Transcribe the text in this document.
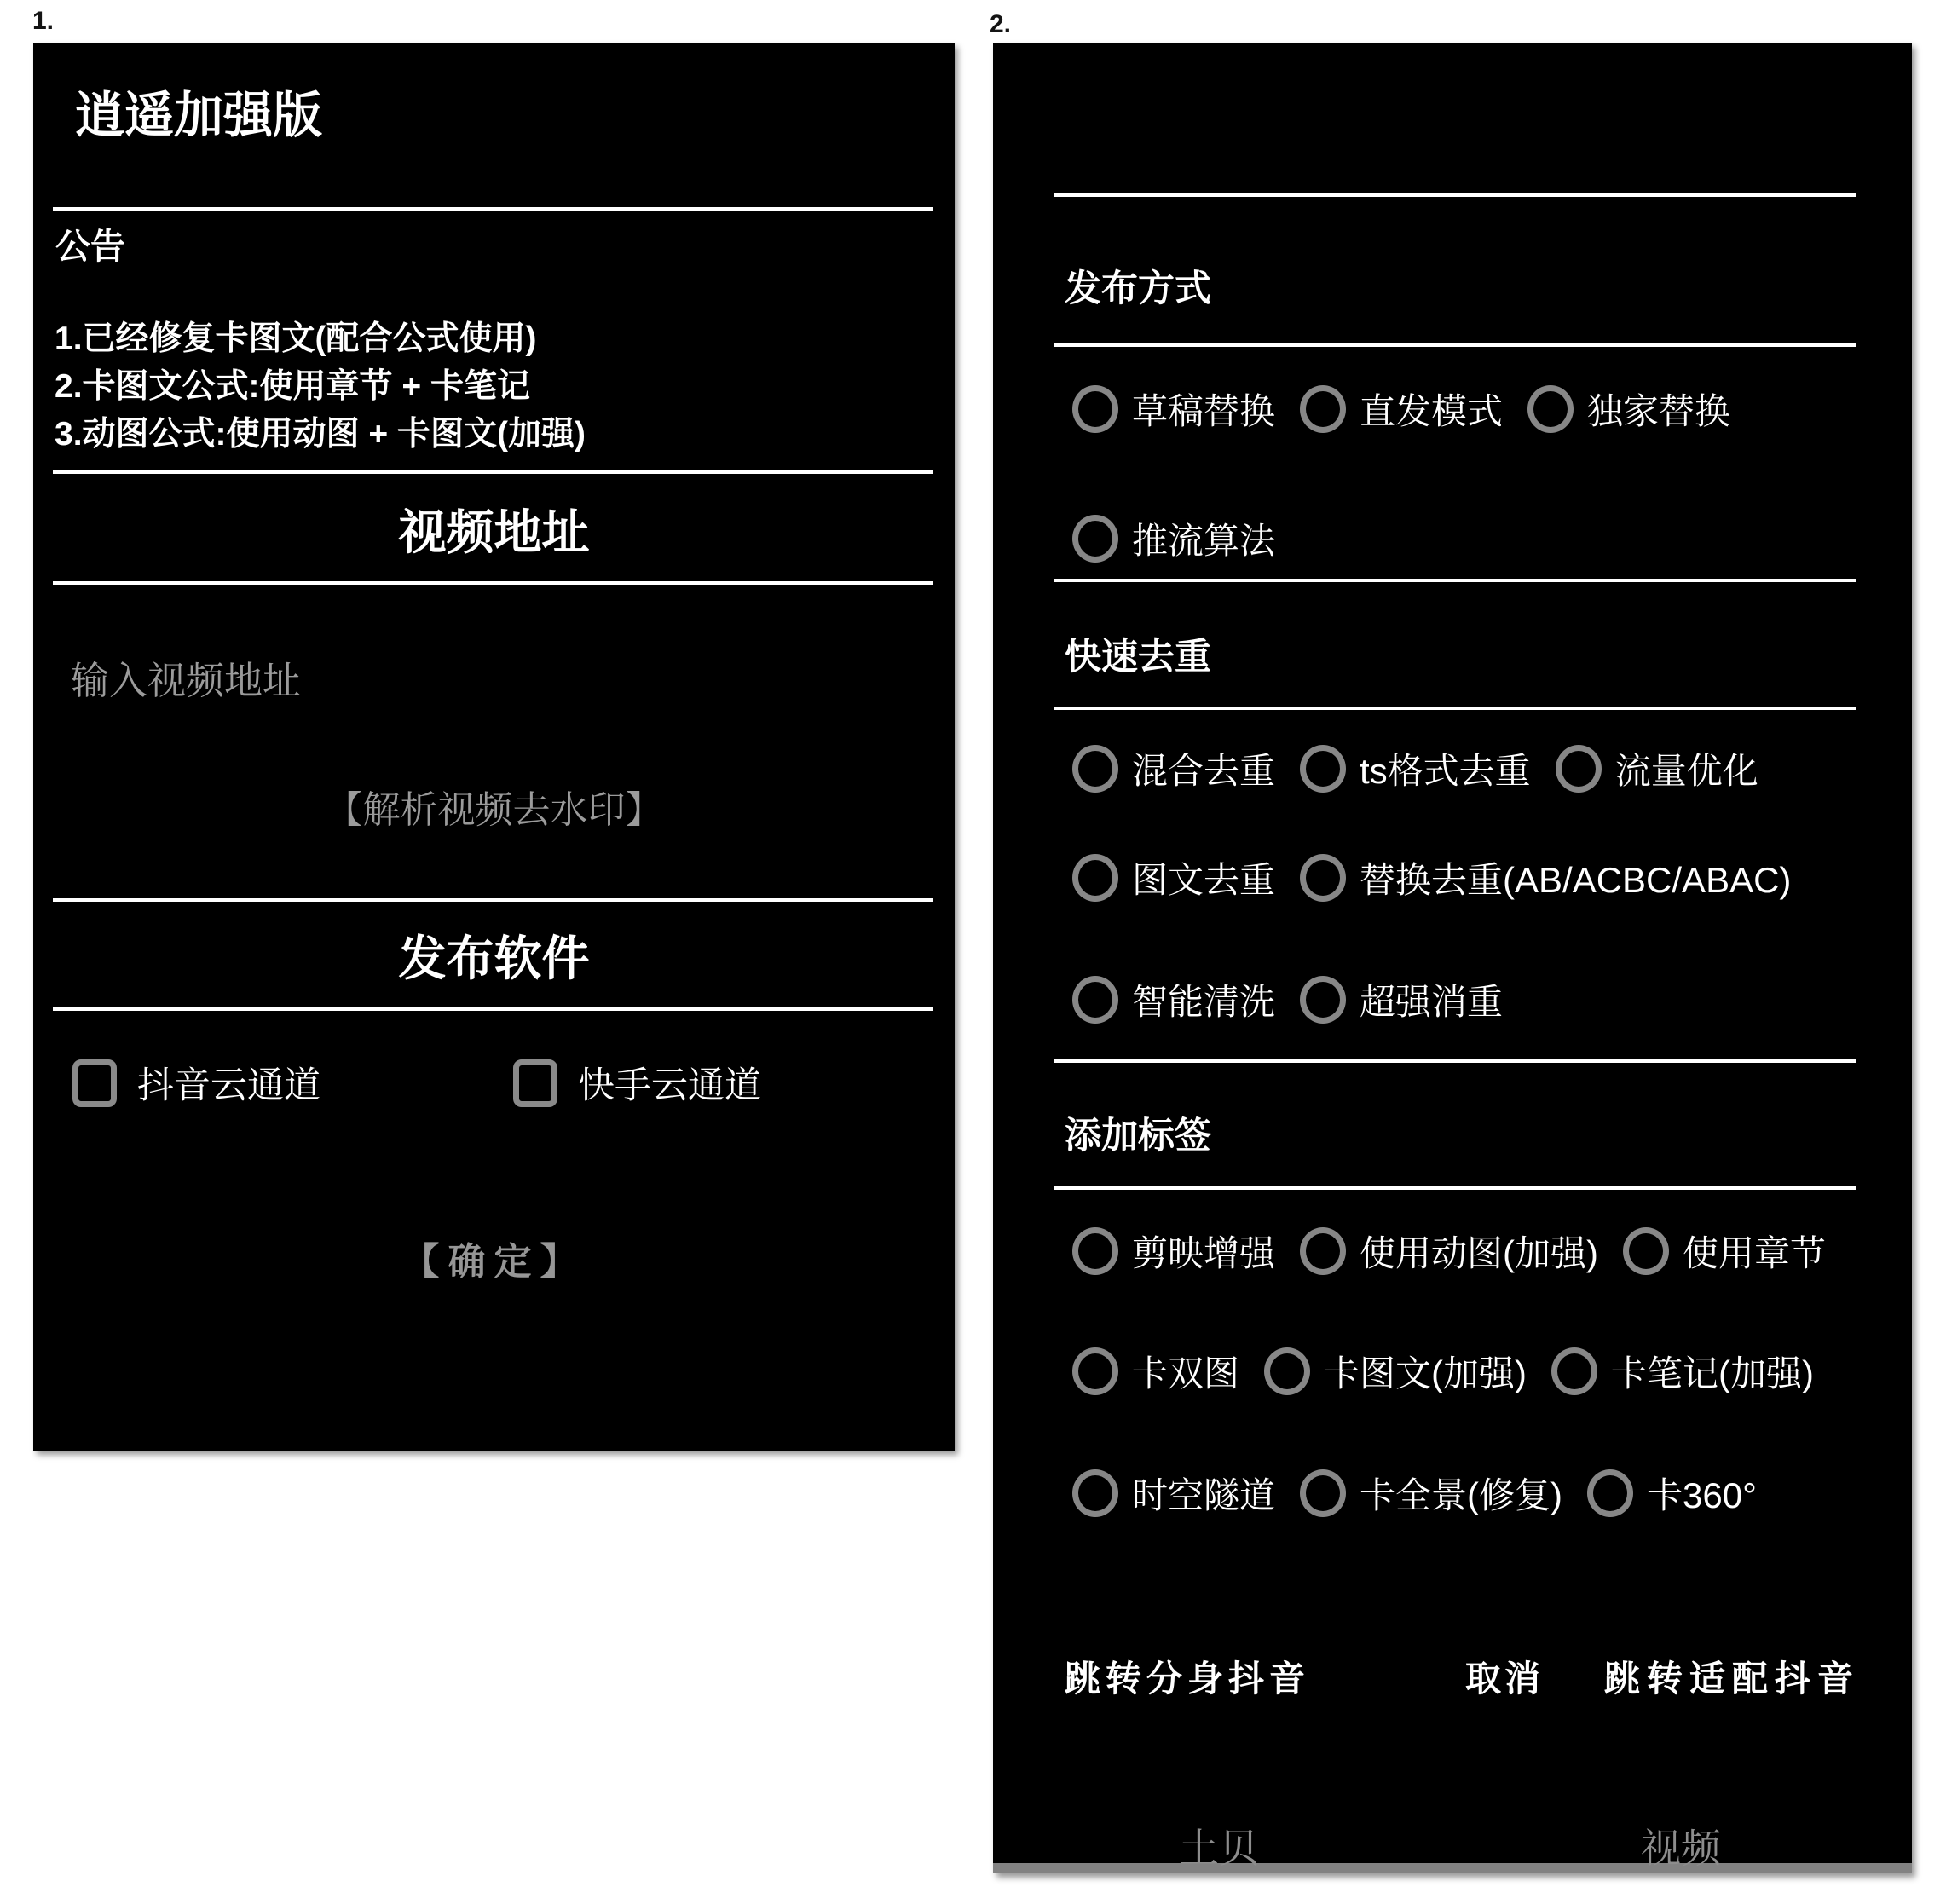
1.	2.
逍遥加强版
公告
1.已经修复卡图文(配合公式使用)
2.卡图文公式:使用章节 + 卡笔记
3.动图公式:使用动图 + 卡图文(加强)
视频地址
输入视频地址
【解析视频去水印】
发布软件
抖音云通道	快手云通道
【确定】
发布方式
草稿替换 直发模式 独家替换
推流算法
快速去重
混合去重 ts格式去重 流量优化
图文去重 替换去重(AB/ACBC/ABAC)
智能清洗 超强消重
添加标签
剪映增强 使用动图(加强) 使用章节
卡双图 卡图文(加强) 卡笔记(加强)
时空隧道 卡全景(修复) 卡360°
跳转分身抖音	取消 跳转适配抖音
土贝	视频
